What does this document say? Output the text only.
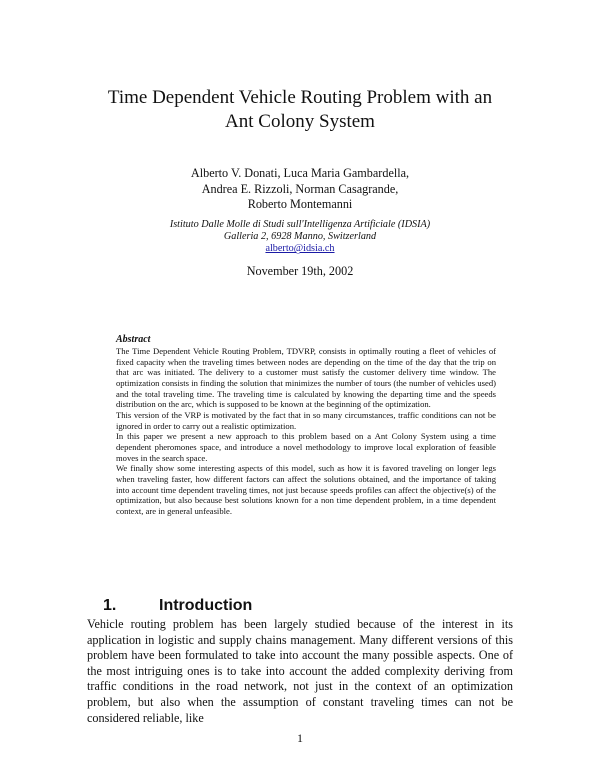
Time Dependent Vehicle Routing Problem with an
Ant Colony System
Alberto V. Donati, Luca Maria Gambardella,
Andrea E. Rizzoli, Norman Casagrande,
Roberto Montemanni
Istituto Dalle Molle di Studi sull'Intelligenza Artificiale (IDSIA)
Galleria 2, 6928 Manno, Switzerland
alberto@idsia.ch
November 19th, 2002
Abstract

The Time Dependent Vehicle Routing Problem, TDVRP, consists in optimally routing a fleet of vehicles of fixed capacity when the traveling times between nodes are depending on the time of the day that the trip on that arc was initiated. The delivery to a customer must satisfy the customer delivery time window. The optimization consists in finding the solution that minimizes the number of tours (the number of vehicles used) and the total traveling time. The traveling time is calculated by knowing the departing time and the speeds distribution on the arc, which is supposed to be known at the beginning of the optimization.

This version of the VRP is motivated by the fact that in so many circumstances, traffic conditions can not be ignored in order to carry out a realistic optimization.

In this paper we present a new approach to this problem based on a Ant Colony System using a time dependent pheromones space, and introduce a novel methodology to improve local exploration of feasible moves in the search space.

We finally show some interesting aspects of this model, such as how it is favored traveling on longer legs when traveling faster, how different factors can affect the solutions obtained, and the importance of taking into account time dependent traveling times, not just because speeds profiles can affect the objective(s) of the optimization, but also because best solutions known for a non time dependent problem, in a time dependent context, are in general unfeasible.

1.	Introduction
Vehicle routing problem has been largely studied because of the interest in its application in logistic and supply chains management. Many different versions of this problem have been formulated to take into account the many possible aspects. One of the most intriguing ones is to take into account the added complexity deriving from traffic conditions in the road network, not just in the context of an optimization problem, but also when the assumption of constant traveling times can not be considered reliable, like
1
